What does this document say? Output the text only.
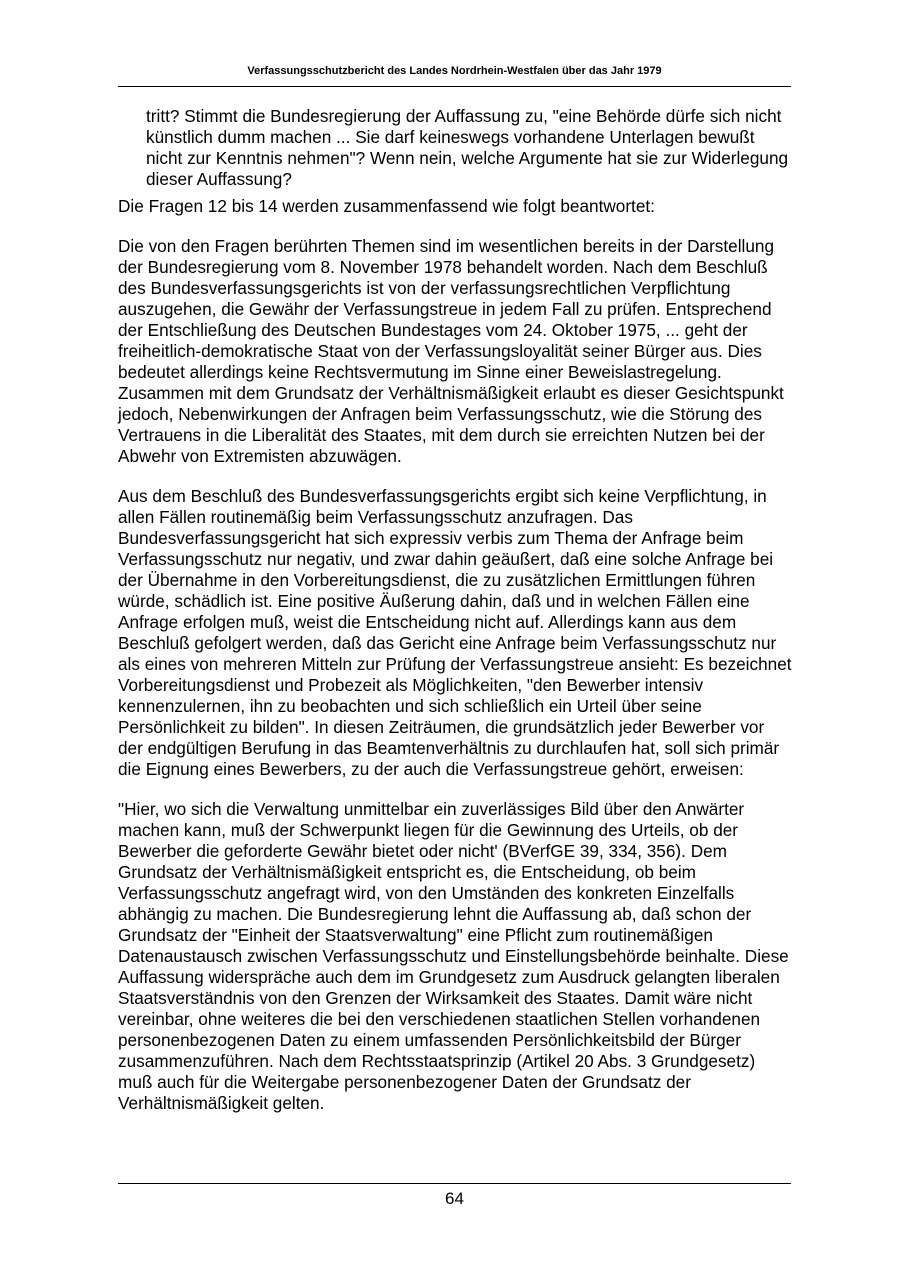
Verfassungsschutzbericht des Landes Nordrhein-Westfalen über das Jahr 1979

tritt? Stimmt die Bundesregierung der Auffassung zu, "eine Behörde dürfe sich nicht künstlich dumm machen ... Sie darf keineswegs vorhandene Unterlagen bewußt nicht zur Kenntnis nehmen"? Wenn nein, welche Argumente hat sie zur Widerlegung dieser Auffassung?

Die Fragen 12 bis 14 werden zusammenfassend wie folgt beantwortet:

Die von den Fragen berührten Themen sind im wesentlichen bereits in der Darstellung der Bundesregierung vom 8. November 1978 behandelt worden. Nach dem Beschluß des Bundesverfassungsgerichts ist von der verfassungsrechtlichen Verpflichtung auszugehen, die Gewähr der Verfassungstreue in jedem Fall zu prüfen. Entsprechend der Entschließung des Deutschen Bundestages vom 24. Oktober 1975, ... geht der freiheitlich-demokratische Staat von der Verfassungsloyalität seiner Bürger aus. Dies bedeutet allerdings keine Rechtsvermutung im Sinne einer Beweislastregelung. Zusammen mit dem Grundsatz der Verhältnismäßigkeit erlaubt es dieser Gesichtspunkt jedoch, Nebenwirkungen der Anfragen beim Verfassungsschutz, wie die Störung des Vertrauens in die Liberalität des Staates, mit dem durch sie erreichten Nutzen bei der Abwehr von Extremisten abzuwägen.

Aus dem Beschluß des Bundesverfassungsgerichts ergibt sich keine Verpflichtung, in allen Fällen routinemäßig beim Verfassungsschutz anzufragen. Das Bundesverfassungsgericht hat sich expressiv verbis zum Thema der Anfrage beim Verfassungsschutz nur negativ, und zwar dahin geäußert, daß eine solche Anfrage bei der Übernahme in den Vorbereitungsdienst, die zu zusätzlichen Ermittlungen führen würde, schädlich ist. Eine positive Äußerung dahin, daß und in welchen Fällen eine Anfrage erfolgen muß, weist die Entscheidung nicht auf. Allerdings kann aus dem Beschluß gefolgert werden, daß das Gericht eine Anfrage beim Verfassungsschutz nur als eines von mehreren Mitteln zur Prüfung der Verfassungstreue ansieht: Es bezeichnet Vorbereitungsdienst und Probezeit als Möglichkeiten, "den Bewerber intensiv kennenzulernen, ihn zu beobachten und sich schließlich ein Urteil über seine Persönlichkeit zu bilden". In diesen Zeiträumen, die grundsätzlich jeder Bewerber vor der endgültigen Berufung in das Beamtenverhältnis zu durchlaufen hat, soll sich primär die Eignung eines Bewerbers, zu der auch die Verfassungstreue gehört, erweisen:

"Hier, wo sich die Verwaltung unmittelbar ein zuverlässiges Bild über den Anwärter machen kann, muß der Schwerpunkt liegen für die Gewinnung des Urteils, ob der Bewerber die geforderte Gewähr bietet oder nicht' (BVerfGE 39, 334, 356). Dem Grundsatz der Verhältnismäßigkeit entspricht es, die Entscheidung, ob beim Verfassungsschutz angefragt wird, von den Umständen des konkreten Einzelfalls abhängig zu machen. Die Bundesregierung lehnt die Auffassung ab, daß schon der Grundsatz der "Einheit der Staatsverwaltung" eine Pflicht zum routinemäßigen Datenaustausch zwischen Verfassungsschutz und Einstellungsbehörde beinhalte. Diese Auffassung widerspräche auch dem im Grundgesetz zum Ausdruck gelangten liberalen Staatsverständnis von den Grenzen der Wirksamkeit des Staates. Damit wäre nicht vereinbar, ohne weiteres die bei den verschiedenen staatlichen Stellen vorhandenen personenbezogenen Daten zu einem umfassenden Persönlichkeitsbild der Bürger zusammenzuführen. Nach dem Rechtsstaatsprinzip (Artikel 20 Abs. 3 Grundgesetz) muß auch für die Weitergabe personenbezogener Daten der Grundsatz der Verhältnismäßigkeit gelten.

64
